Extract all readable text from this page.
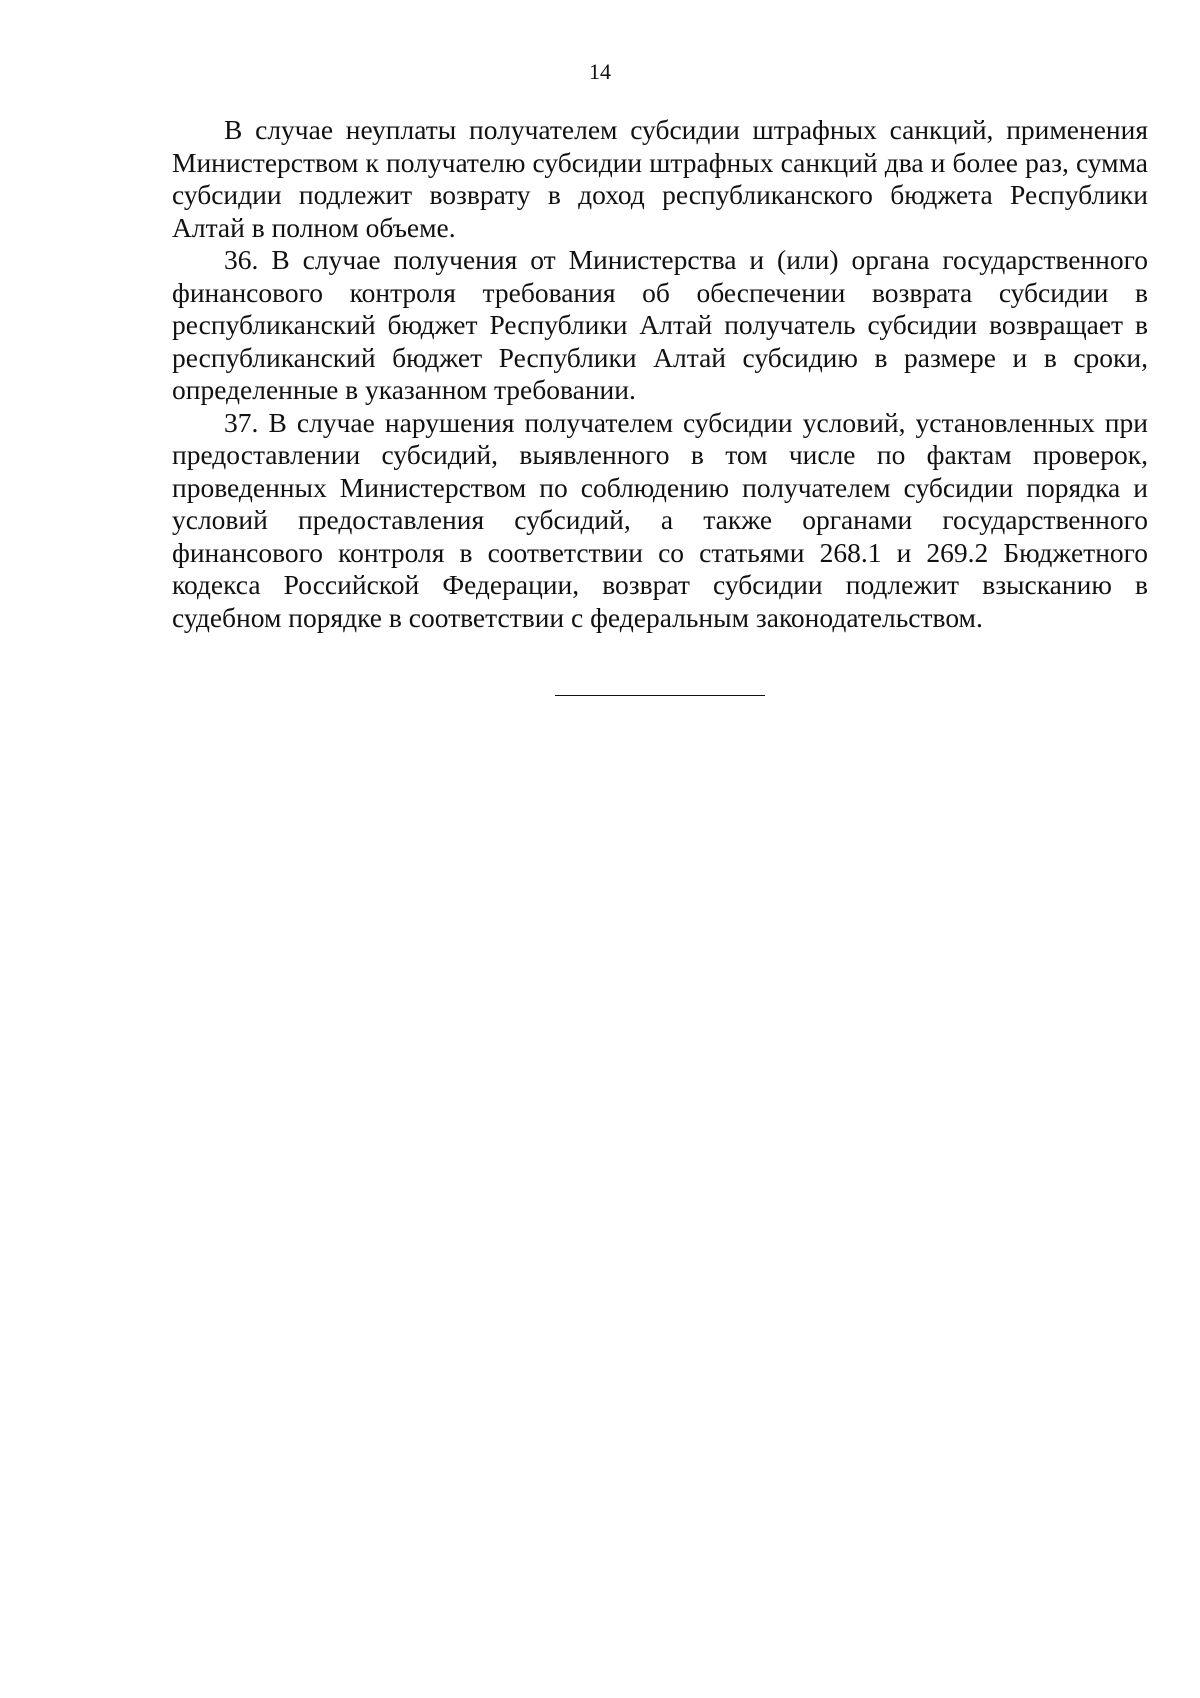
14

В случае неуплаты получателем субсидии штрафных санкций, применения Министерством к получателю субсидии штрафных санкций два и более раз, сумма субсидии подлежит возврату в доход республиканского бюджета Республики Алтай в полном объеме.

36. В случае получения от Министерства и (или) органа государственного финансового контроля требования об обеспечении возврата субсидии в республиканский бюджет Республики Алтай получатель субсидии возвращает в республиканский бюджет Республики Алтай субсидию в размере и в сроки, определенные в указанном требовании.

37. В случае нарушения получателем субсидии условий, установленных при предоставлении субсидий, выявленного в том числе по фактам проверок, проведенных Министерством по соблюдению получателем субсидии порядка и условий предоставления субсидий, а также органами государственного финансового контроля в соответствии со статьями 268.1 и 269.2 Бюджетного кодекса Российской Федерации, возврат субсидии подлежит взысканию в судебном порядке в соответствии с федеральным законодательством.
